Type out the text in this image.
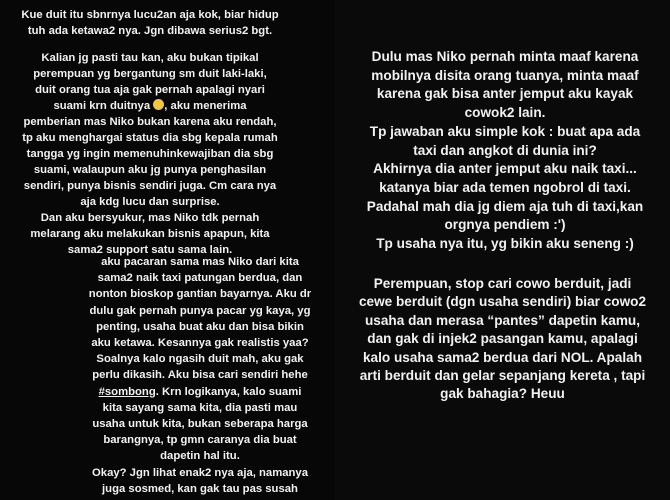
Kue duit itu sbnrnya lucu2an aja kok, biar hidup
tuh ada ketawa2 nya. Jgn dibawa serius2 bgt.
Kalian jg pasti tau kan, aku bukan tipikal
perempuan yg bergantung sm duit laki-laki,
duit orang tua aja gak pernah apalagi nyari
suami krn duitnya , aku menerima
pemberian mas Niko bukan karena aku rendah,
tp aku menghargai status dia sbg kepala rumah
tangga yg ingin memenuhinkewajiban dia sbg
suami, walaupun aku jg punya penghasilan
sendiri, punya bisnis sendiri juga. Cm cara nya
aja kdg lucu dan surprise.
Dan aku bersyukur, mas Niko tdk pernah
melarang aku melakukan bisnis apapun, kita
sama2 support satu sama lain.
aku pacaran sama mas Niko dari kita
sama2 naik taxi patungan berdua, dan
nonton bioskop gantian bayarnya. Aku dr
dulu gak pernah punya pacar yg kaya, yg
penting, usaha buat aku dan bisa bikin
aku ketawa. Kesannya gak realistis yaa?
Soalnya kalo ngasih duit mah, aku gak
perlu dikasih. Aku bisa cari sendiri hehe
#sombong. Krn logikanya, kalo suami
kita sayang sama kita, dia pasti mau
usaha untuk kita, bukan seberapa harga
barangnya, tp gmn caranya dia buat
dapetin hal itu.
Okay? Jgn lihat enak2 nya aja, namanya
juga sosmed, kan gak tau pas susah
Dulu mas Niko pernah minta maaf karena
mobilnya disita orang tuanya, minta maaf
karena gak bisa anter jemput aku kayak
cowok2 lain.
Tp jawaban aku simple kok : buat apa ada
taxi dan angkot di dunia ini?
Akhirnya dia anter jemput aku naik taxi...
katanya biar ada temen ngobrol di taxi.
Padahal mah dia jg diem aja tuh di taxi,kan
orgnya pendiem :')
Tp usaha nya itu, yg bikin aku seneng :)
Perempuan, stop cari cowo berduit, jadi
cewe berduit (dgn usaha sendiri) biar cowo2
usaha dan merasa “pantes” dapetin kamu,
dan gak di injek2 pasangan kamu, apalagi
kalo usaha sama2 berdua dari NOL. Apalah
arti berduit dan gelar sepanjang kereta , tapi
gak bahagia? Heuu
